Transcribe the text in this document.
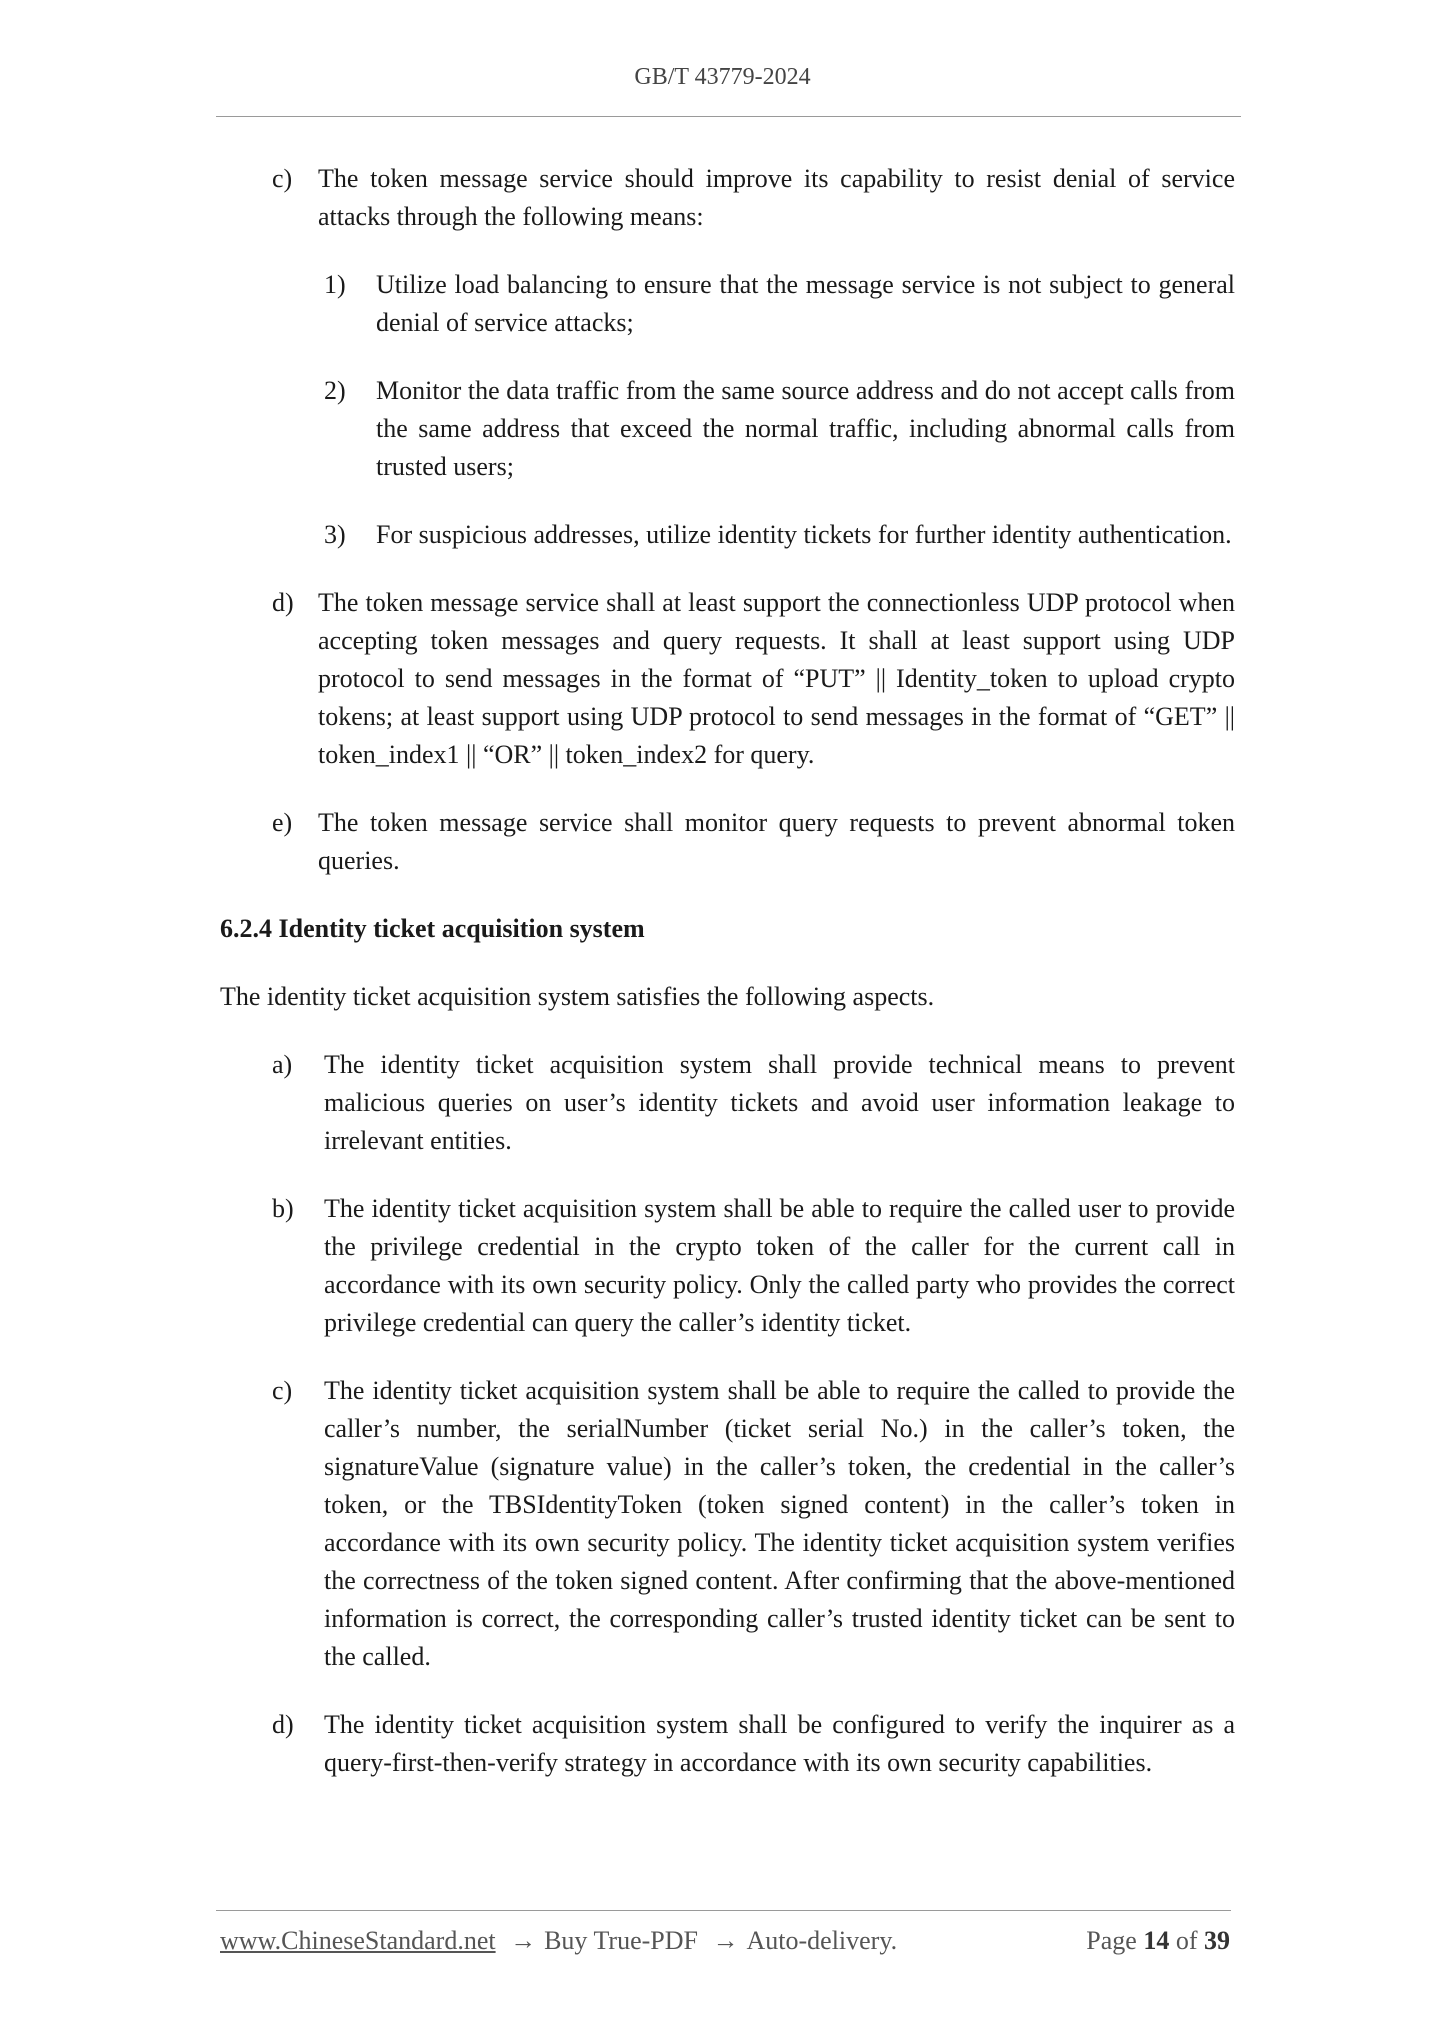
GB/T 43779-2024
c) The token message service should improve its capability to resist denial of service attacks through the following means:
1)	Utilize load balancing to ensure that the message service is not subject to general denial of service attacks;
2)	Monitor the data traffic from the same source address and do not accept calls from the same address that exceed the normal traffic, including abnormal calls from trusted users;
3)	For suspicious addresses, utilize identity tickets for further identity authentication.
d) The token message service shall at least support the connectionless UDP protocol when accepting token messages and query requests. It shall at least support using UDP protocol to send messages in the format of “PUT” || Identity_token to upload crypto tokens; at least support using UDP protocol to send messages in the format of “GET” || token_index1 || “OR” || token_index2 for query.
e) The token message service shall monitor query requests to prevent abnormal token queries.
6.2.4 Identity ticket acquisition system
The identity ticket acquisition system satisfies the following aspects.
a)	The identity ticket acquisition system shall provide technical means to prevent malicious queries on user’s identity tickets and avoid user information leakage to irrelevant entities.
b)	The identity ticket acquisition system shall be able to require the called user to provide the privilege credential in the crypto token of the caller for the current call in accordance with its own security policy. Only the called party who provides the correct privilege credential can query the caller’s identity ticket.
c)	The identity ticket acquisition system shall be able to require the called to provide the caller’s number, the serialNumber (ticket serial No.) in the caller’s token, the signatureValue (signature value) in the caller’s token, the credential in the caller’s token, or the TBSIdentityToken (token signed content) in the caller’s token in accordance with its own security policy. The identity ticket acquisition system verifies the correctness of the token signed content. After confirming that the above-mentioned information is correct, the corresponding caller’s trusted identity ticket can be sent to the called.
d)	The identity ticket acquisition system shall be configured to verify the inquirer as a query-first-then-verify strategy in accordance with its own security capabilities.
www.ChineseStandard.net → Buy True-PDF → Auto-delivery.	Page 14 of 39
